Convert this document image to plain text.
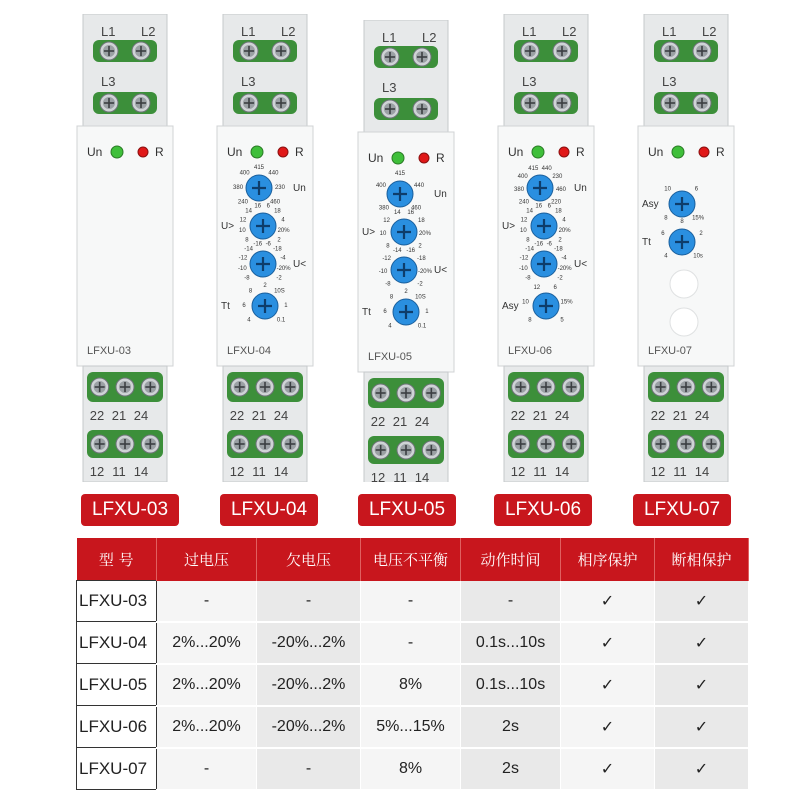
L1 L2
L3
Un	R
LFXU-03
22 21 24
12 11 14
L1 L2
L3
Un	R
240
380
400
415
440
230
460
Un
8
10
12
14
16 6
18
4
20%
2
U>
-8
-10
-12
-14
-16 -6
-18
-4
-20%
-2
U<
4
6
8
2
10S
1
0.1
Tt
LFXU-04
22 21 24
12 11 14
L1 L2
L3
Un	R
380
400
415
440
460
Un
8
10
12
14 16
18
20%
2
U>
-8
-10
-12
-14 -16
-18
-20%
-2
U<
4
6
8
2
10S
1
0.1
Tt
LFXU-05
22 21 24
12 11 14
L1 L2
L3
Un	R
240
380
400
415 440
230
460
220
Un
8
10
12
14
16 6
18
4
20%
2
U>
-8
-10
-12
-14
-16 -6
-18
-4
-20%
-2
U<
8
10
12 6
15%
5
Asy
LFXU-06
22 21 24
12 11 14
L1 L2
L3
Un	R
8
10	6
15%
Asy
4
6
8
2
10s
Tt
LFXU-07
22 21 24
12 11 14
LFXU-03	LFXU-04	LFXU-05	LFXU-06	LFXU-07
型 号	过电压	欠电压	电压不平衡	动作时间	相序保护	断相保护
LFXU-03	-	-	-	-	✓	✓
LFXU-04	2%...20%	-20%...2%	-	0.1s...10s	✓	✓
LFXU-05	2%...20%	-20%...2%	8%	0.1s...10s	✓	✓
LFXU-06	2%...20%	-20%...2%	5%...15%	2s	✓	✓
LFXU-07	-	-	8%	2s	✓	✓
